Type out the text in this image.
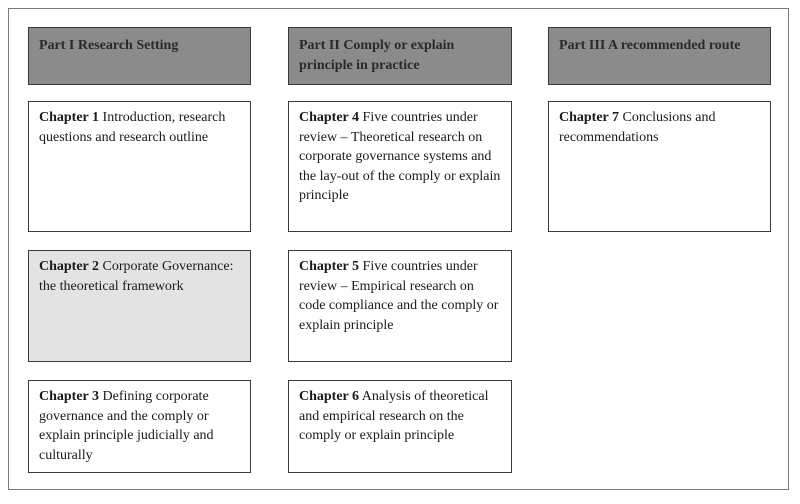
Part I Research Setting	Part II Comply or explain principle in practice
Part III A recommended route
Chapter 1 Introduction, research questions and research outline
Chapter 2 Corporate Governance: the theoretical framework
Chapter 3 Defining corporate governance and the comply or explain principle judicially and culturally
Chapter 4 Five countries under review – Theoretical research on corporate governance systems and the lay-out of the comply or explain principle
Chapter 5 Five countries under review – Empirical research on code compliance and the comply or explain principle
Chapter 6 Analysis of theoretical and empirical research on the comply or explain principle
Chapter 7 Conclusions and recommendations
